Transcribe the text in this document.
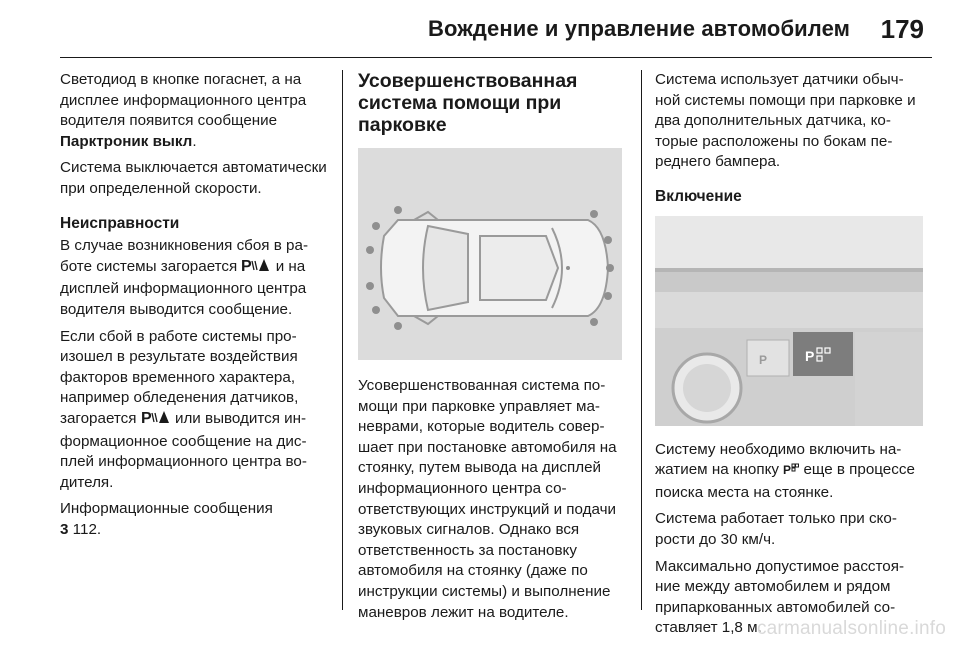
Вождение и управление автомобилем 179

Светодиод в кнопке погаснет, а на дисплее информационного центра водителя появится сообщение Парктроник выкл.

Система выключается автоматически при определенной скорости.

Неисправности

В случае возникновения сбоя в работе системы загорается P и на дисплей информационного центра водителя выводится сообщение.

Если сбой в работе системы произошел в результате воздействия факторов временного характера, например обледенения датчиков, загорается P или выводится информационное сообщение на дисплей информационного центра водителя.

Информационные сообщения
3 112.

Усовершенствованная система помощи при парковке

Усовершенствованная система помощи при парковке управляет маневрами, которые водитель совершает при постановке автомобиля на стоянку, путем вывода на дисплей информационного центра соответствующих инструкций и подачи звуковых сигналов. Однако вся ответственность за постановку автомобиля на стоянку (даже по инструкции системы) и выполнение маневров лежит на водителе.

Система использует датчики обычной системы помощи при парковке и два дополнительных датчика, которые расположены по бокам переднего бампера.

Включение
P	P

Систему необходимо включить нажатием на кнопку P еще в процессе поиска места на стоянке.

Система работает только при скорости до 30 км/ч.

Максимально допустимое расстояние между автомобилем и рядом припаркованных автомобилей составляет 1,8 м.

carmanualsonline.info
